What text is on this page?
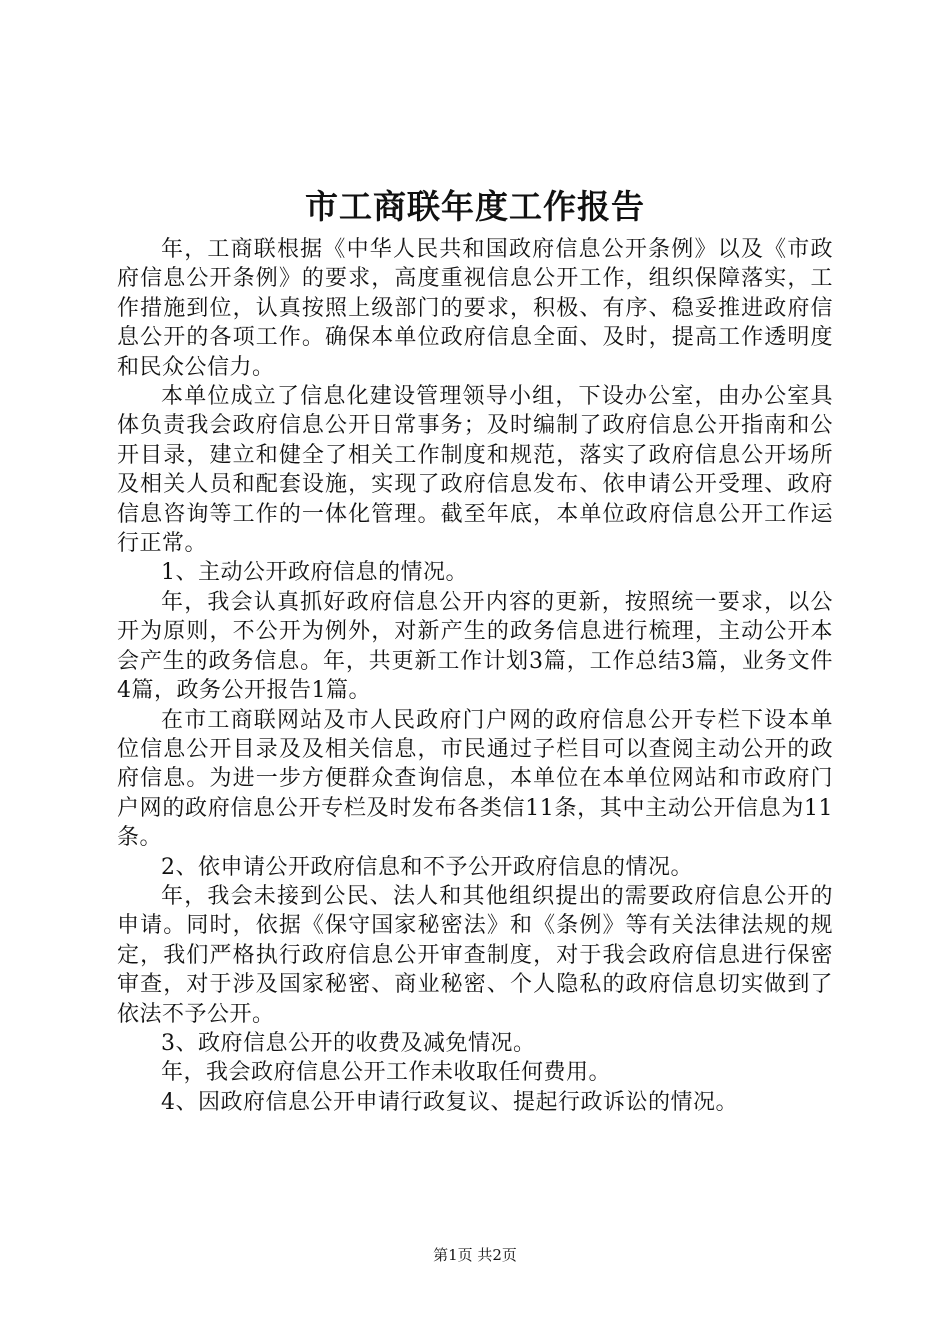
市工商联年度工作报告

年，工商联根据《中华人民共和国政府信息公开条例》以及《市政府信息公开条例》的要求，高度重视信息公开工作，组织保障落实，工作措施到位，认真按照上级部门的要求，积极、有序、稳妥推进政府信息公开的各项工作。确保本单位政府信息全面、及时，提高工作透明度和民众公信力。

本单位成立了信息化建设管理领导小组，下设办公室，由办公室具体负责我会政府信息公开日常事务；及时编制了政府信息公开指南和公开目录，建立和健全了相关工作制度和规范，落实了政府信息公开场所及相关人员和配套设施，实现了政府信息发布、依申请公开受理、政府信息咨询等工作的一体化管理。截至年底，本单位政府信息公开工作运行正常。

1、主动公开政府信息的情况。

年，我会认真抓好政府信息公开内容的更新，按照统一要求，以公开为原则，不公开为例外，对新产生的政务信息进行梳理，主动公开本会产生的政务信息。年，共更新工作计划3篇，工作总结3篇，业务文件4篇，政务公开报告1篇。

在市工商联网站及市人民政府门户网的政府信息公开专栏下设本单位信息公开目录及及相关信息，市民通过子栏目可以查阅主动公开的政府信息。为进一步方便群众查询信息，本单位在本单位网站和市政府门户网的政府信息公开专栏及时发布各类信11条，其中主动公开信息为11条。

2、依申请公开政府信息和不予公开政府信息的情况。

年，我会未接到公民、法人和其他组织提出的需要政府信息公开的申请。同时，依据《保守国家秘密法》和《条例》等有关法律法规的规定，我们严格执行政府信息公开审查制度，对于我会政府信息进行保密审查，对于涉及国家秘密、商业秘密、个人隐私的政府信息切实做到了依法不予公开。

3、政府信息公开的收费及减免情况。

年，我会政府信息公开工作未收取任何费用。

4、因政府信息公开申请行政复议、提起行政诉讼的情况。

第1页 共2页
